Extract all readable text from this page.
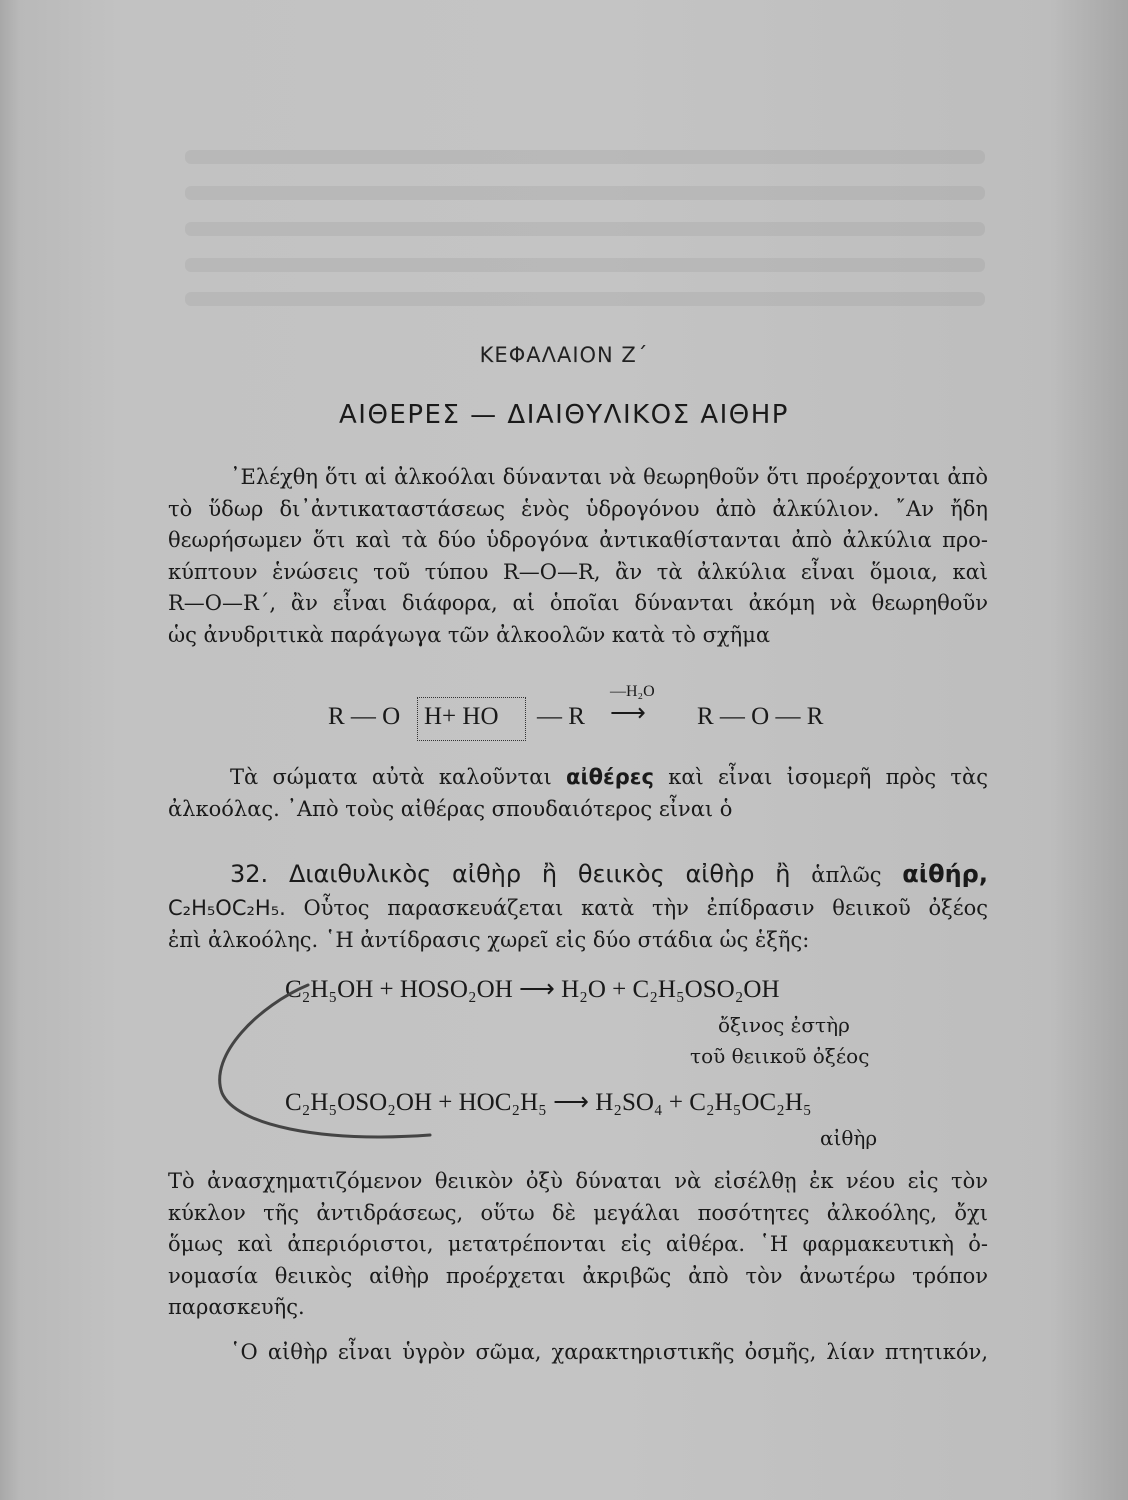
ΚΕΦΑΛΑΙΟΝ Ζ΄
ΑΙΘΕΡΕΣ — ΔΙΑΙΘΥΛΙΚΟΣ ΑΙΘΗΡ
᾿Ελέχθη ὅτι αἱ ἀλκοόλαι δύνανται νὰ θεωρηθοῦν ὅτι προέρχονται ἀπὸ
τὸ ὕδωρ δι᾿ἀντικαταστάσεως ἑνὸς ὑδρογόνου ἀπὸ ἀλκύλιον. ῎Αν ἤδη
θεωρήσωμεν ὅτι καὶ τὰ δύο ὑδρογόνα ἀντικαθίστανται ἀπὸ ἀλκύλια προ-
κύπτουν ἑνώσεις τοῦ τύπου R—O—R, ἂν τὰ ἀλκύλια εἶναι ὅμοια, καὶ
R—O—R΄, ἂν εἶναι διάφορα, αἱ ὁποῖαι δύνανται ἀκόμη νὰ θεωρηθοῦν
ὡς ἀνυδριτικὰ παράγωγα τῶν ἀλκοολῶν κατὰ τὸ σχῆμα
R — O H+ HO — R
—H₂O
⟶ R — O — R
Τὰ σώματα αὐτὰ καλοῦνται αἰθέρες καὶ εἶναι ἰσομερῆ πρὸς τὰς
ἀλκοόλας. ᾿Απὸ τοὺς αἰθέρας σπουδαιότερος εἶναι ὁ
32. Διαιθυλικὸς αἰθὴρ ἢ θειικὸς αἰθὴρ ἢ ἁπλῶς αἰθήρ,
C₂H₅OC₂H₅. Οὗτος παρασκευάζεται κατὰ τὴν ἐπίδρασιν θειικοῦ ὀξέος
ἐπὶ ἀλκοόλης. ῾Η ἀντίδρασις χωρεῖ εἰς δύο στάδια ὡς ἑξῆς:
C₂H₅OH + HOSO₂OH ⟶ H₂O + C₂H₅OSO₂OH
ὄξινος ἐστὴρ
τοῦ θειικοῦ ὀξέος
C₂H₅OSO₂OH + HOC₂H₅ ⟶ H₂SO₄ + C₂H₅OC₂H₅
αἰθὴρ
Τὸ ἀνασχηματιζόμενον θειικὸν ὀξὺ δύναται νὰ εἰσέλθῃ ἐκ νέου εἰς τὸν
κύκλον τῆς ἀντιδράσεως, οὕτω δὲ μεγάλαι ποσότητες ἀλκοόλης, ὄχι
ὅμως καὶ ἀπεριόριστοι, μετατρέπονται εἰς αἰθέρα. ῾Η φαρμακευτικὴ ὀ-
νομασία θειικὸς αἰθὴρ προέρχεται ἀκριβῶς ἀπὸ τὸν ἀνωτέρω τρόπον
παρασκευῆς.
῾Ο αἰθὴρ εἶναι ὑγρὸν σῶμα, χαρακτηριστικῆς ὀσμῆς, λίαν πτητικόν,
